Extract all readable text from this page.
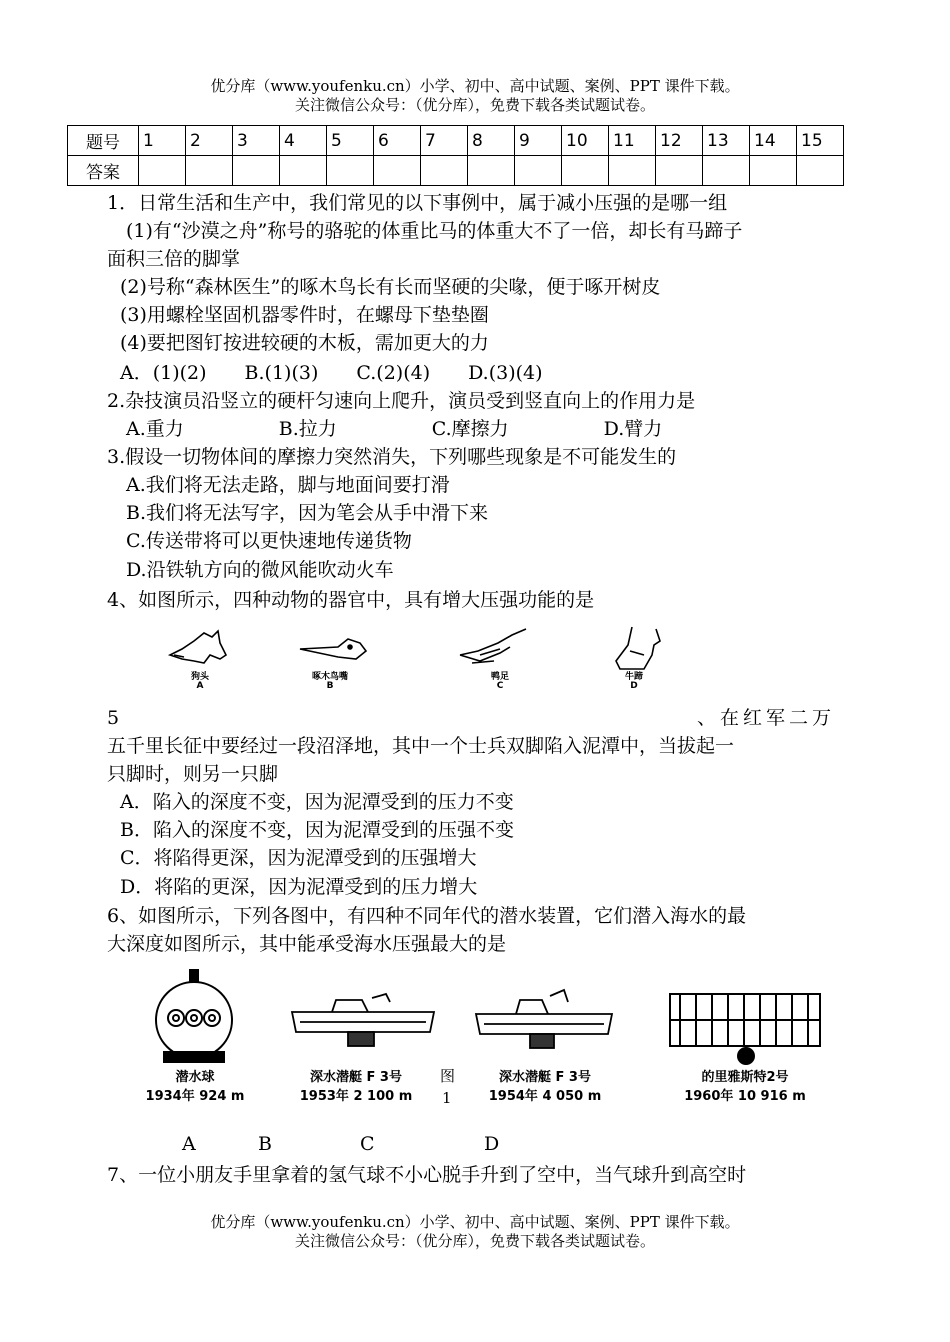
优分库（www.youfenku.cn）小学、初中、高中试题、案例、PPT 课件下载。
关注微信公众号：（优分库），免费下载各类试题试卷。
题号	1	2	3	4	5	6	7	8	9	10	11	12	13	14	15
答案															
1．日常生活和生产中，我们常见的以下事例中，属于减小压强的是哪一组
(1)有“沙漠之舟”称号的骆驼的体重比马的体重大不了一倍，却长有马蹄子
面积三倍的脚掌
(2)号称“森林医生”的啄木鸟长有长而坚硬的尖喙，便于啄开树皮
(3)用螺栓坚固机器零件时，在螺母下垫垫圈
(4)要把图钉按进较硬的木板，需加更大的力
A．(1)(2)　　B.(1)(3)　　C.(2)(4)　　D.(3)(4)
2.杂技演员沿竖立的硬杆匀速向上爬升，演员受到竖直向上的作用力是
A.重力　　　　　B.拉力　　　　　C.摩擦力　　　　　D.臂力
3.假设一切物体间的摩擦力突然消失，下列哪些现象是不可能发生的
A.我们将无法走路，脚与地面间要打滑
B.我们将无法写字，因为笔会从手中滑下来
C.传送带将可以更快速地传递货物
D.沿铁轨方向的微风能吹动火车
4、如图所示，四种动物的器官中，具有增大压强功能的是
狗头
A
啄木鸟嘴
B
鸭足
C
牛蹄
D
5	、在红军二万
五千里长征中要经过一段沼泽地，其中一个士兵双脚陷入泥潭中，当拔起一
只脚时，则另一只脚
A．陷入的深度不变，因为泥潭受到的压力不变
B．陷入的深度不变，因为泥潭受到的压强不变
C．将陷得更深，因为泥潭受到的压强增大
D．将陷的更深，因为泥潭受到的压力增大
6、如图所示，下列各图中，有四种不同年代的潜水装置，它们潜入海水的最
大深度如图所示，其中能承受海水压强最大的是
潜水球
1934年 924 m
深水潜艇 F 3号
1953年 2 100 m
图
1
深水潜艇 F 3号
1954年 4 050 m
的里雅斯特2号
1960年 10 916 m
A	B	C	D
7、一位小朋友手里拿着的氢气球不小心脱手升到了空中，当气球升到高空时
优分库（www.youfenku.cn）小学、初中、高中试题、案例、PPT 课件下载。
关注微信公众号：（优分库），免费下载各类试题试卷。
